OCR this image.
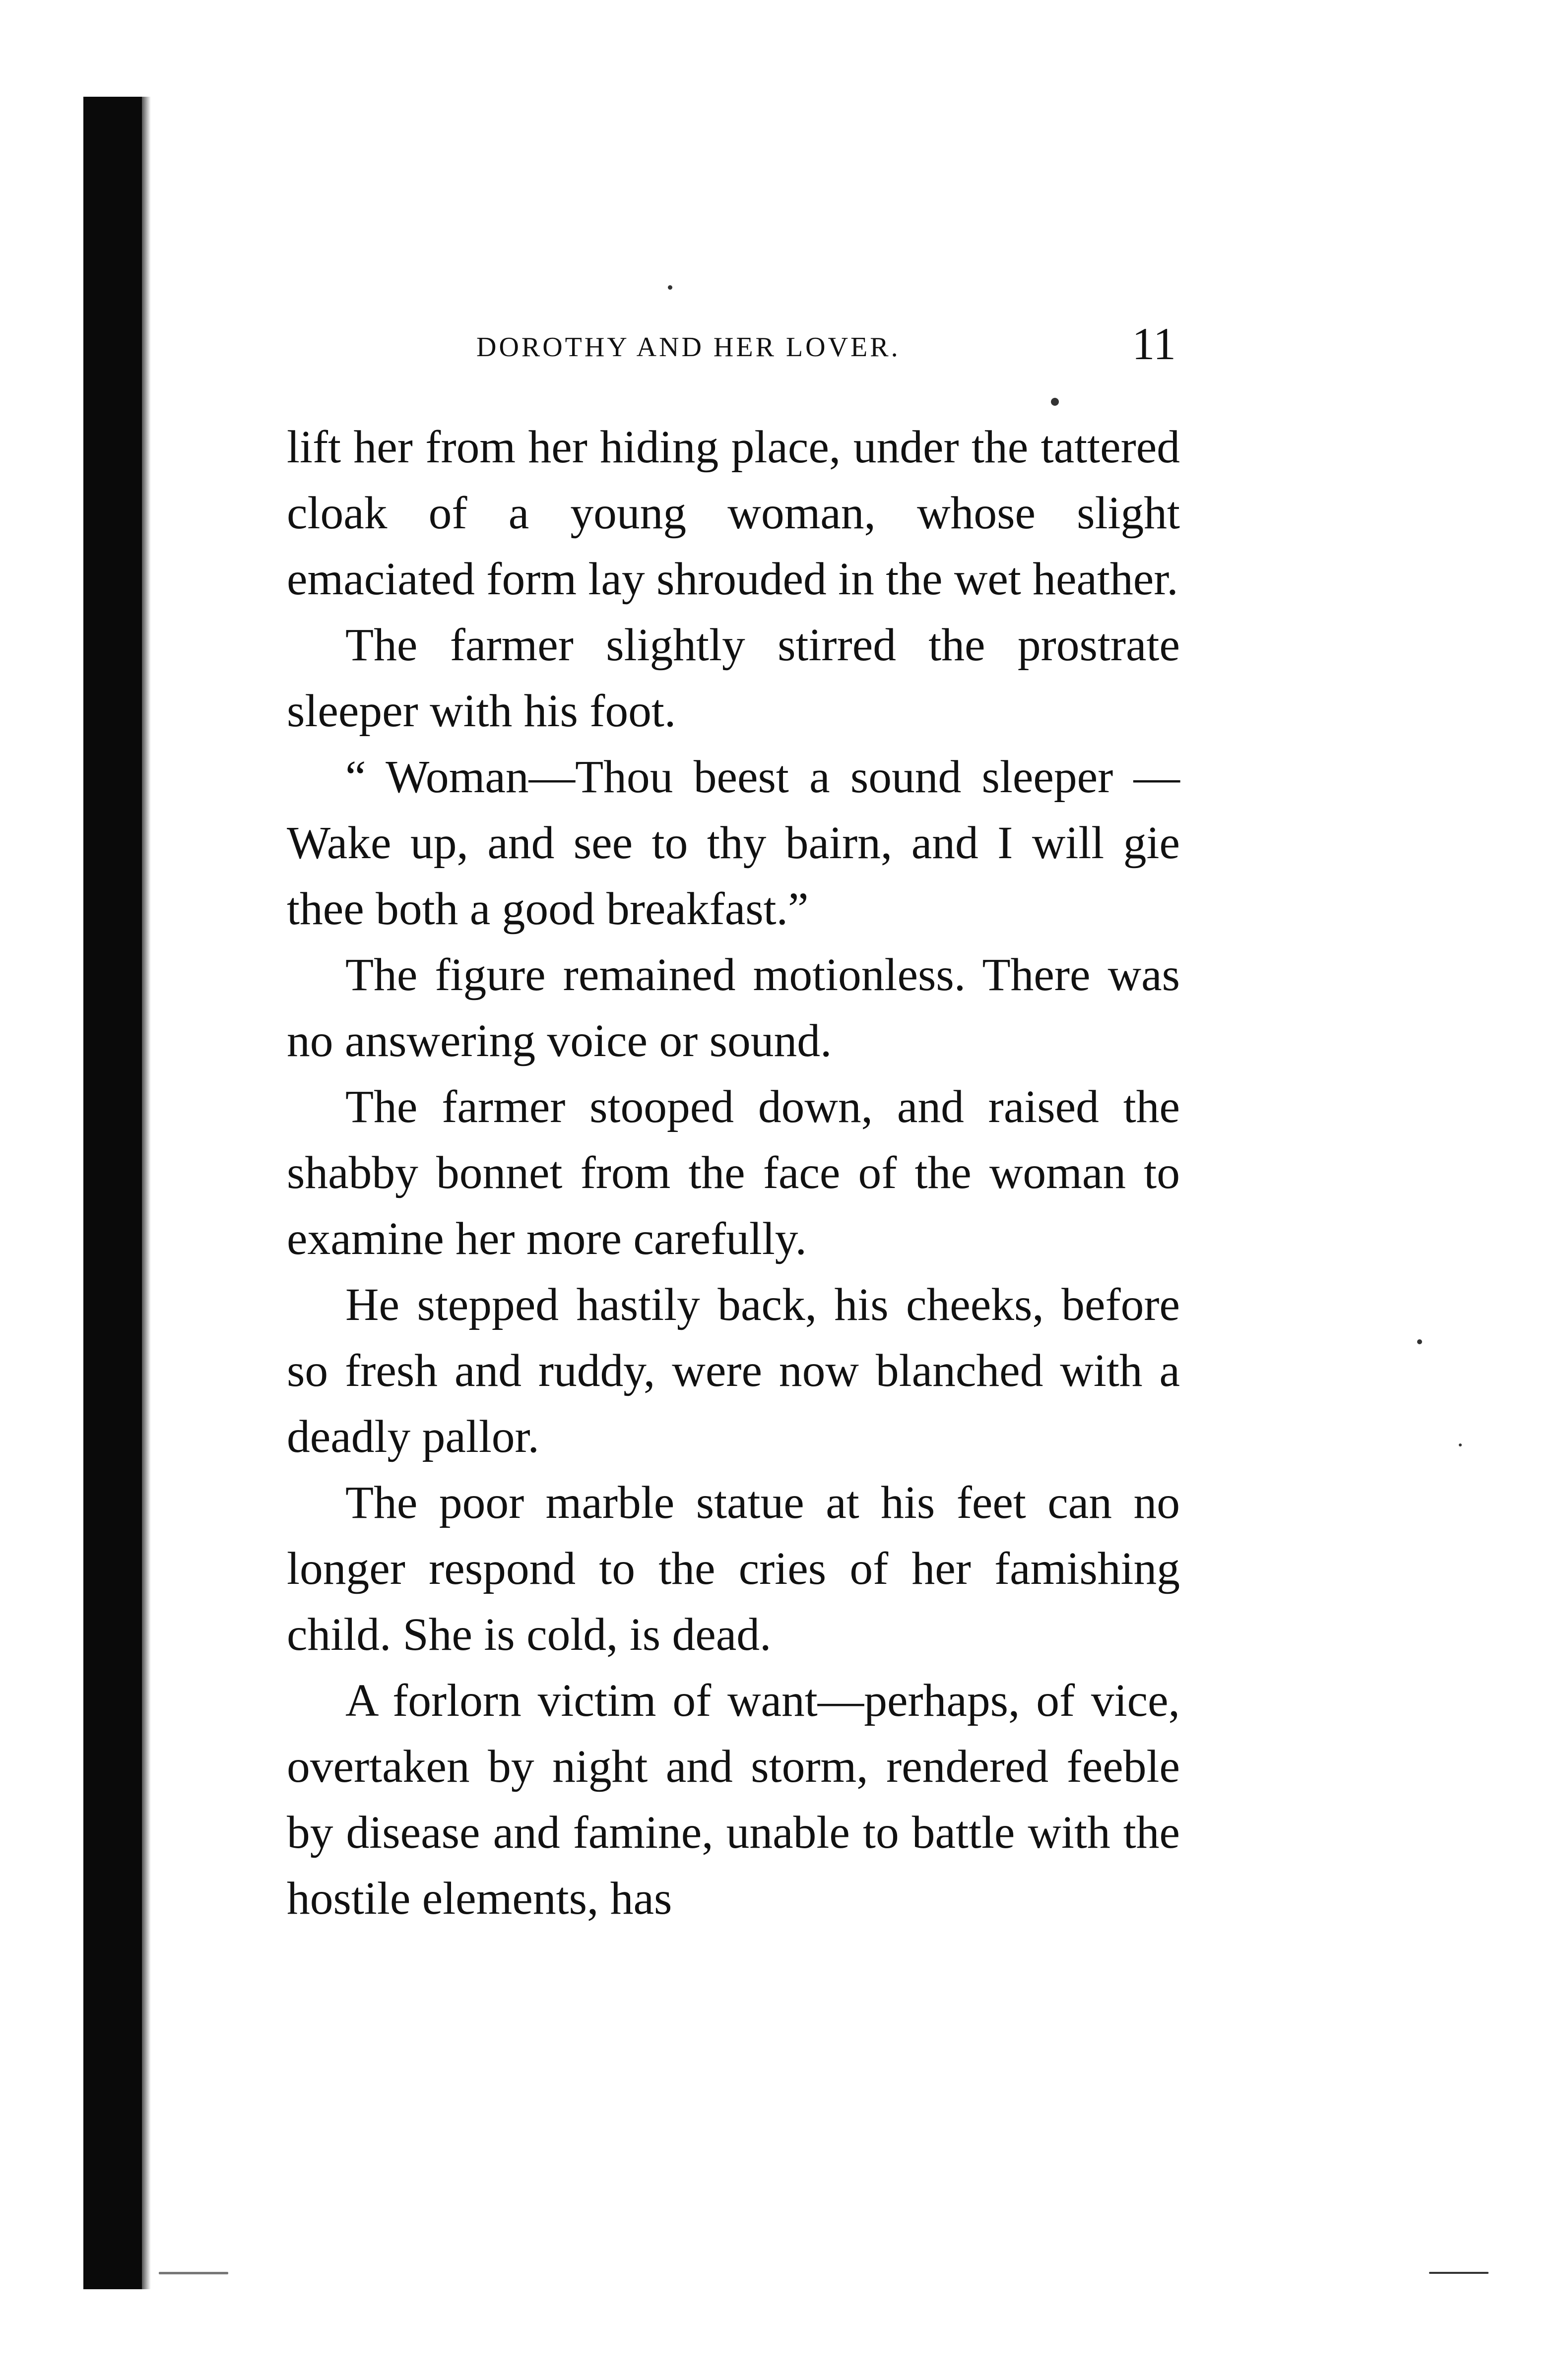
DOROTHY AND HER LOVER.	11

lift her from her hiding place, under the tattered cloak of a young woman, whose slight emaciated form lay shrouded in the wet heather.

The farmer slightly stirred the prostrate sleeper with his foot.

“ Woman—Thou beest a sound sleeper —Wake up, and see to thy bairn, and I will gie thee both a good breakfast.”

The figure remained motionless. There was no answering voice or sound.

The farmer stooped down, and raised the shabby bonnet from the face of the woman to examine her more carefully.

He stepped hastily back, his cheeks, before so fresh and ruddy, were now blanched with a deadly pallor.

The poor marble statue at his feet can no longer respond to the cries of her famishing child. She is cold, is dead.

A forlorn victim of want—perhaps, of vice, overtaken by night and storm, rendered feeble by disease and famine, unable to battle with the hostile elements, has
